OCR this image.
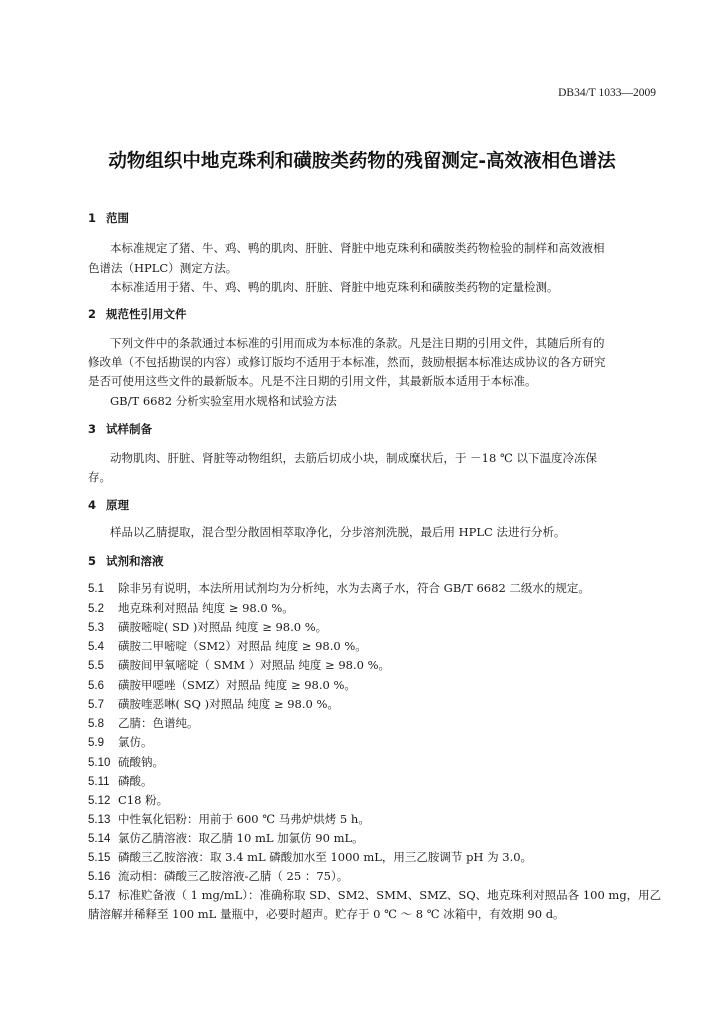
DB34/T 1033—2009
动物组织中地克珠利和磺胺类药物的残留测定-高效液相色谱法
1 范围
本标准规定了猪、牛、鸡、鸭的肌肉、肝脏、肾脏中地克珠利和磺胺类药物检验的制样和高效液相
色谱法（HPLC）测定方法。
本标准适用于猪、牛、鸡、鸭的肌肉、肝脏、肾脏中地克珠利和磺胺类药物的定量检测。
2 规范性引用文件
下列文件中的条款通过本标准的引用而成为本标准的条款。凡是注日期的引用文件，其随后所有的
修改单（不包括勘误的内容）或修订版均不适用于本标准，然而，鼓励根据本标准达成协议的各方研究
是否可使用这些文件的最新版本。凡是不注日期的引用文件，其最新版本适用于本标准。
GB/T 6682 分析实验室用水规格和试验方法
3 试样制备
动物肌肉、肝脏、肾脏等动物组织，去筋后切成小块，制成糜状后，于 －18 ℃ 以下温度冷冻保
存。
4 原理
样品以乙腈提取，混合型分散固相萃取净化，分步溶剂洗脱，最后用 HPLC 法进行分析。
5 试剂和溶液
5.1 除非另有说明，本法所用试剂均为分析纯，水为去离子水，符合 GB/T 6682 二级水的规定。
5.2 地克珠利对照品 纯度 ≥ 98.0 %。
5.3 磺胺嘧啶( SD )对照品 纯度 ≥ 98.0 %。
5.4 磺胺二甲嘧啶（SM2）对照品 纯度 ≥ 98.0 %。
5.5 磺胺间甲氧嘧啶（ SMM ）对照品 纯度 ≥ 98.0 %。
5.6 磺胺甲噁唑（SMZ）对照品 纯度 ≥ 98.0 %。
5.7 磺胺喹恶啉( SQ )对照品 纯度 ≥ 98.0 %。
5.8 乙腈：色谱纯。
5.9 氯仿。
5.10 硫酸钠。
5.11 磷酸。
5.12 C18 粉。
5.13 中性氧化铝粉：用前于 600 ℃ 马弗炉烘烤 5 h。
5.14 氯仿乙腈溶液：取乙腈 10 mL 加氯仿 90 mL。
5.15 磷酸三乙胺溶液：取 3.4 mL 磷酸加水至 1000 mL，用三乙胺调节 pH 为 3.0。
5.16 流动相：磷酸三乙胺溶液-乙腈（ 25 ：75）。
5.17 标准贮备液（ 1 mg/mL）：准确称取 SD、SM2、SMM、SMZ、SQ、地克珠利对照品各 100 mg，用乙
腈溶解并稀释至 100 mL 量瓶中，必要时超声。贮存于 0 ℃ ～ 8 ℃ 冰箱中，有效期 90 d。
